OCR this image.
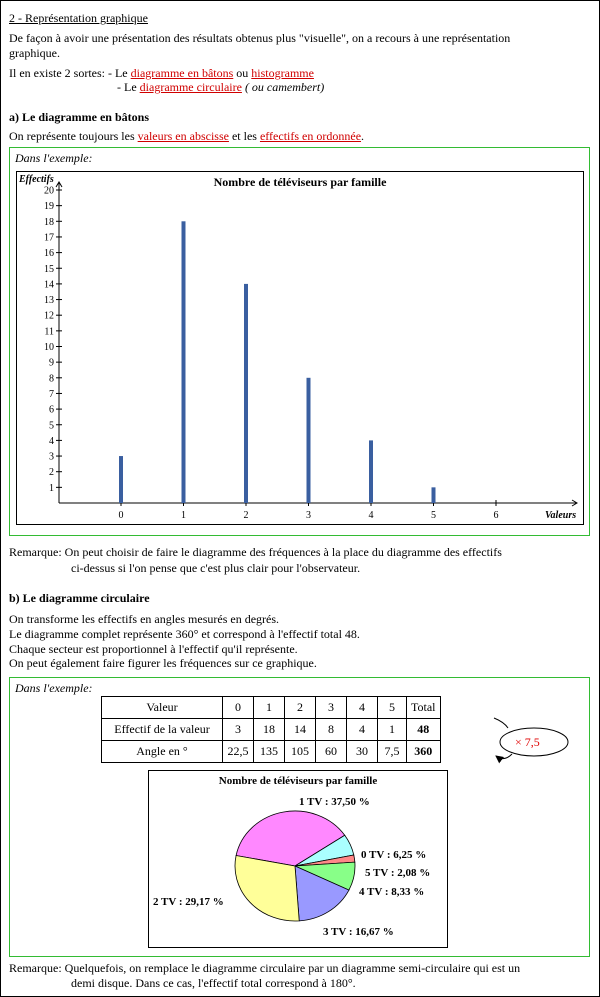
2 - Représentation graphique
De façon à avoir une présentation des résultats obtenus plus "visuelle", on a recours à une représentation
graphique.
Il en existe 2 sortes: - Le diagramme en bâtons ou histogramme
- Le diagramme circulaire ( ou camembert)
a) Le diagramme en bâtons
On représente toujours les valeurs en abscisse et les effectifs en ordonnée.
Dans l'exemple:
Nombre de téléviseurs par famille
Effectifs
Valeurs
1
2
3
4
5
6
7
8
9
10
11
12
13
14
15
16
17
18
19
20
0	1	2	3	4	5	6
Remarque: On peut choisir de faire le diagramme des fréquences à la place du diagramme des effectifs
ci-dessus si l'on pense que c'est plus clair pour l'observateur.
b) Le diagramme circulaire
On transforme les effectifs en angles mesurés en degrés.
Le diagramme complet représente 360° et correspond à l'effectif total 48.
Chaque secteur est proportionnel à l'effectif qu'il représente.
On peut également faire figurer les fréquences sur ce graphique.
Dans l'exemple:
Valeur	0	1	2	3	4	5	Total
Effectif de la valeur	3	18	14	8	4	1	48
Angle en °	22,5	135	105	60	30	7,5	360
× 7,5
Nombre de téléviseurs par famille
1 TV : 37,50 %
0 TV : 6,25 %
5 TV : 2,08 %
4 TV : 8,33 %
3 TV : 16,67 %
2 TV : 29,17 %
Remarque: Quelquefois, on remplace le diagramme circulaire par un diagramme semi-circulaire qui est un
demi disque. Dans ce cas, l'effectif total correspond à 180°.
